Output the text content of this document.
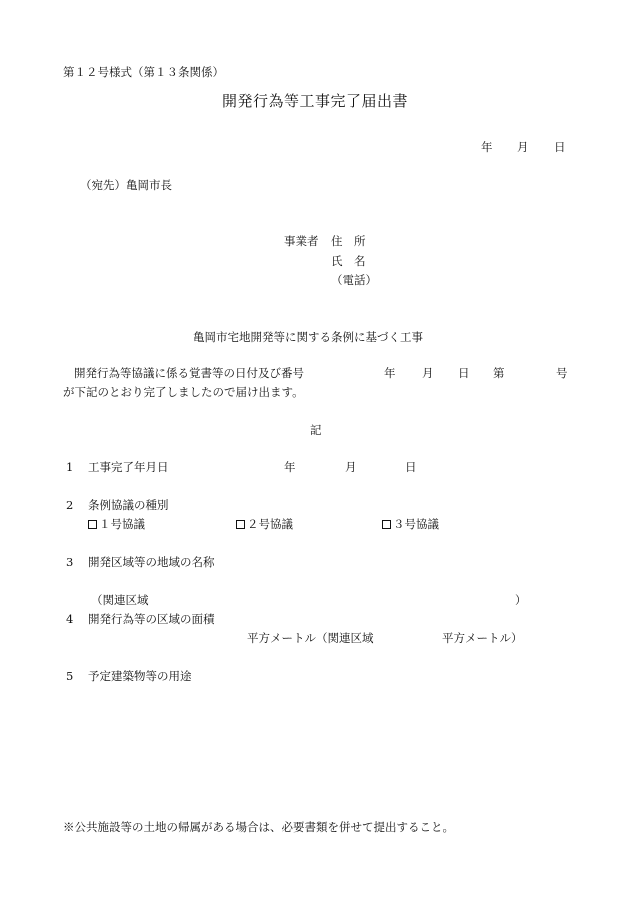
第１２号様式（第１３条関係）
開発行為等工事完了届出書
年 月 日
（宛先）亀岡市長
事業者 住　所
氏　名
（電話）
亀岡市宅地開発等に関する条例に基づく工事
開発行為等協議に係る覚書等の日付及び番号	年 月 日 第	号
が下記のとおり完了しましたので届け出ます。
記
1 工事完了年月日	年	月	日
2 条例協議の種別
１号協議	２号協議	３号協議
3 開発区域等の地域の名称
（関連区域	）
4 開発行為等の区域の面積
平方メートル（関連区域	平方メートル）
5 予定建築物等の用途
※公共施設等の土地の帰属がある場合は、必要書類を併せて提出すること。
